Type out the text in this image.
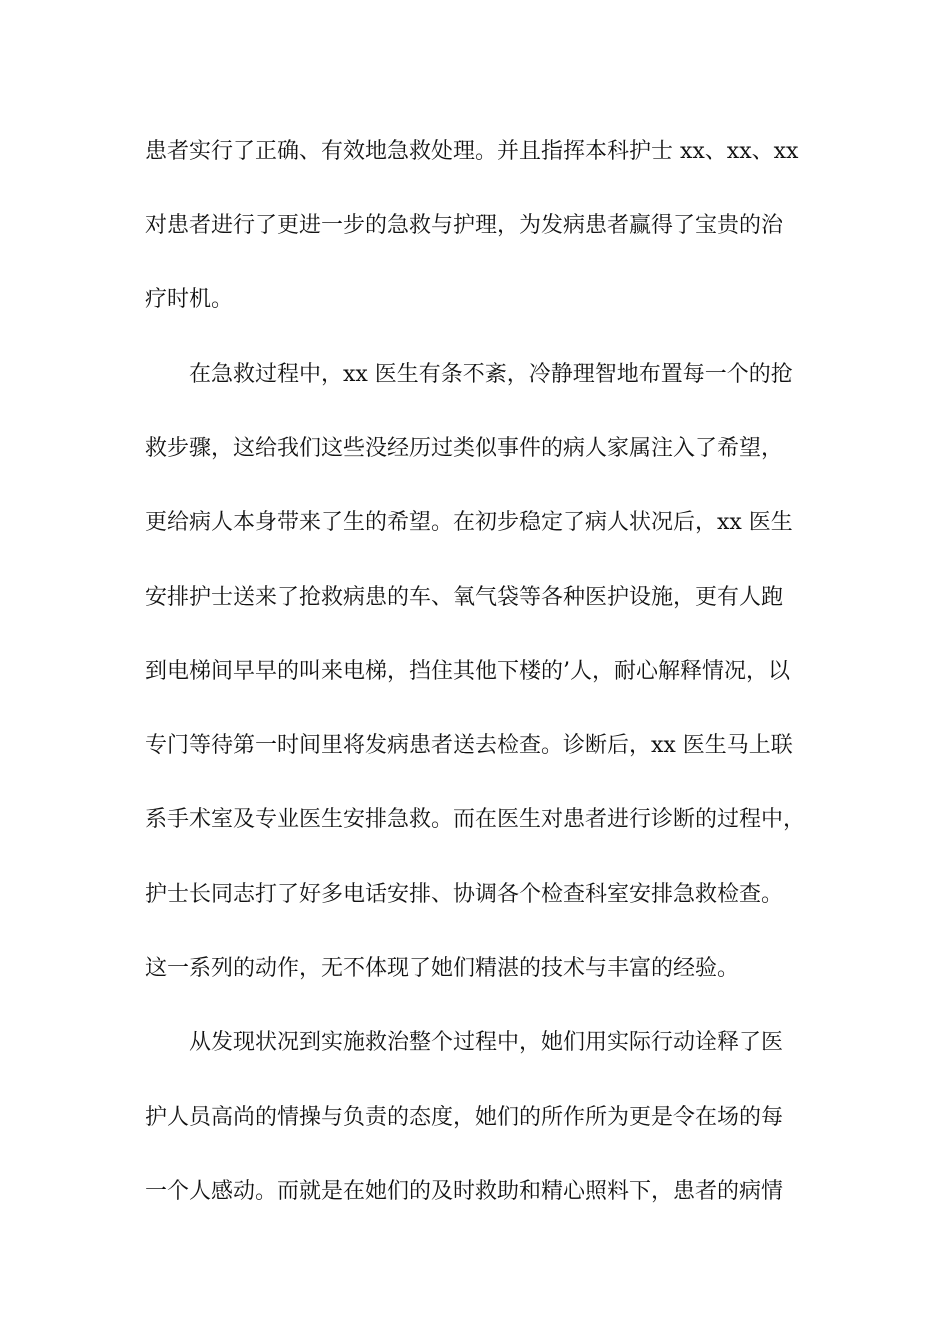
患者实行了正确、有效地急救处理。并且指挥本科护士 xx、xx、xx
对患者进行了更进一步的急救与护理，为发病患者赢得了宝贵的治
疗时机。
在急救过程中，xx 医生有条不紊，冷静理智地布置每一个的抢
救步骤，这给我们这些没经历过类似事件的病人家属注入了希望，
更给病人本身带来了生的希望。在初步稳定了病人状况后，xx 医生
安排护士送来了抢救病患的车、氧气袋等各种医护设施，更有人跑
到电梯间早早的叫来电梯，挡住其他下楼的’人，耐心解释情况，以
专门等待第一时间里将发病患者送去检查。诊断后，xx 医生马上联
系手术室及专业医生安排急救。而在医生对患者进行诊断的过程中，
护士长同志打了好多电话安排、协调各个检查科室安排急救检查。
这一系列的动作，无不体现了她们精湛的技术与丰富的经验。
从发现状况到实施救治整个过程中，她们用实际行动诠释了医
护人员高尚的情操与负责的态度，她们的所作所为更是令在场的每
一个人感动。而就是在她们的及时救助和精心照料下，患者的病情
